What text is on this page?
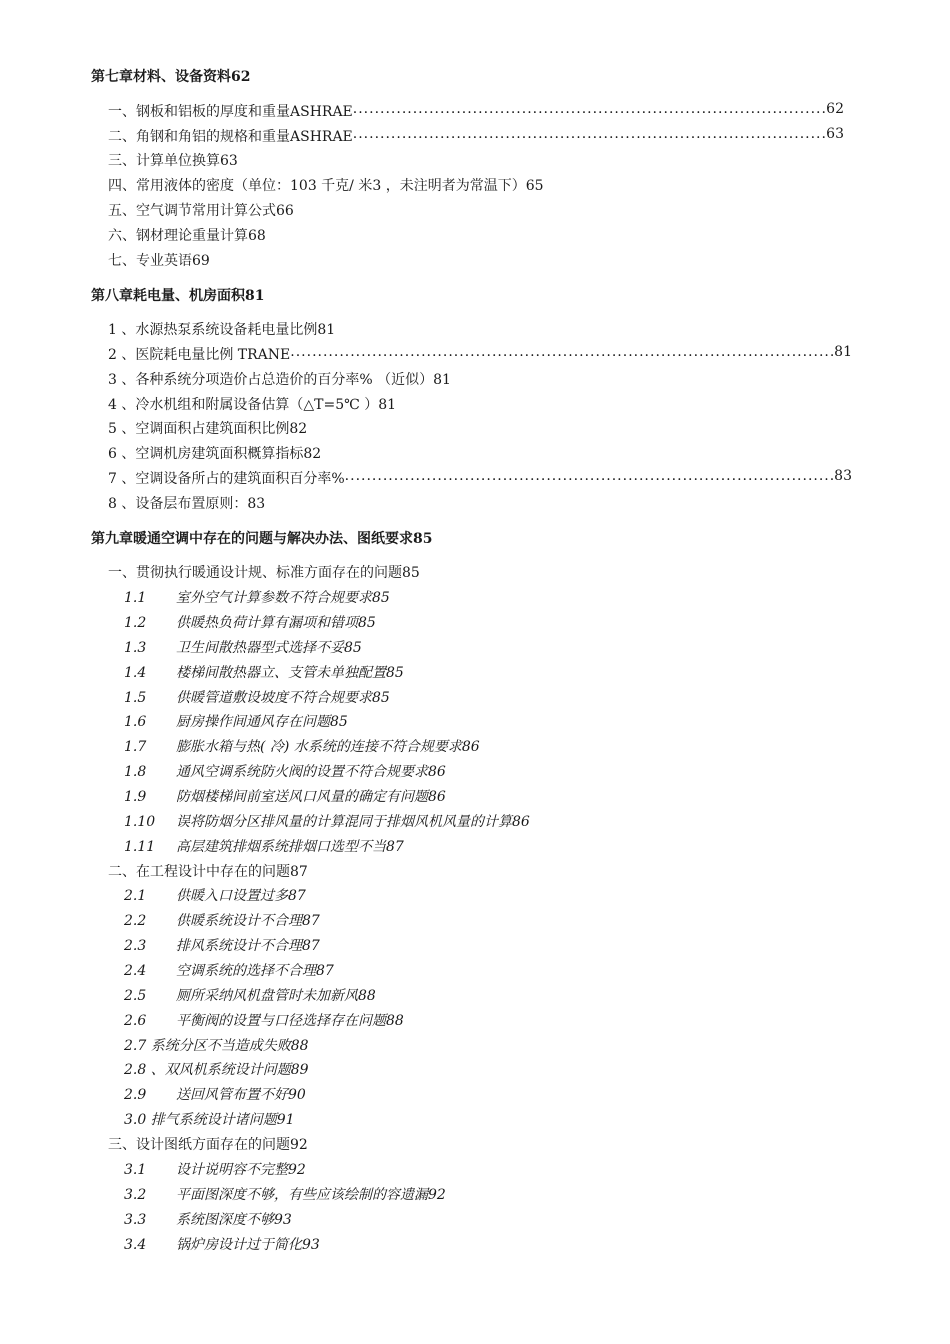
第七章材料、设备资料62
一、钢板和铝板的厚度和重量ASHRAE .....	62
二、角钢和角铝的规格和重量ASHRAE .....	63
三、计算单位换算63
四、常用液体的密度（单位：103 千克/ 米3 ，未注明者为常温下）65
五、空气调节常用计算公式66
六、钢材理论重量计算68
七、专业英语69
第八章耗电量、机房面积81
1 、水源热泵系统设备耗电量比例81
2 、医院耗电量比例 TRANE .....	81
3 、各种系统分项造价占总造价的百分率% （近似）81
4 、冷水机组和附属设备估算（△T=5℃ ）81
5 、空调面积占建筑面积比例82
6 、空调机房建筑面积概算指标82
7 、空调设备所占的建筑面积百分率% .....	83
8 、设备层布置原则：83
第九章暖通空调中存在的问题与解决办法、图纸要求85
一、贯彻执行暖通设计规、标准方面存在的问题85
1.1 室外空气计算参数不符合规要求85
1.2 供暖热负荷计算有漏项和错项85
1.3 卫生间散热器型式选择不妥85
1.4 楼梯间散热器立、支管未单独配置85
1.5 供暖管道敷设坡度不符合规要求85
1.6 厨房操作间通风存在问题85
1.7 膨胀水箱与热( 冷) 水系统的连接不符合规要求86
1.8 通风空调系统防火阀的设置不符合规要求86
1.9 防烟楼梯间前室送风口风量的确定有问题86
1.10 误将防烟分区排风量的计算混同于排烟风机风量的计算86
1.11 高层建筑排烟系统排烟口选型不当87
二、在工程设计中存在的问题87
2.1 供暖入口设置过多87
2.2 供暖系统设计不合理87
2.3 排风系统设计不合理87
2.4 空调系统的选择不合理87
2.5 厕所采纳风机盘管时未加新风88
2.6 平衡阀的设置与口径选择存在问题88
2.7 系统分区不当造成失败88
2.8 、双风机系统设计问题89
2.9 送回风管布置不好90
3.0 排气系统设计诸问题91
三、设计图纸方面存在的问题92
3.1 设计说明容不完整92
3.2 平面图深度不够，有些应该绘制的容遗漏92
3.3 系统图深度不够93
3.4 锅炉房设计过于简化93
